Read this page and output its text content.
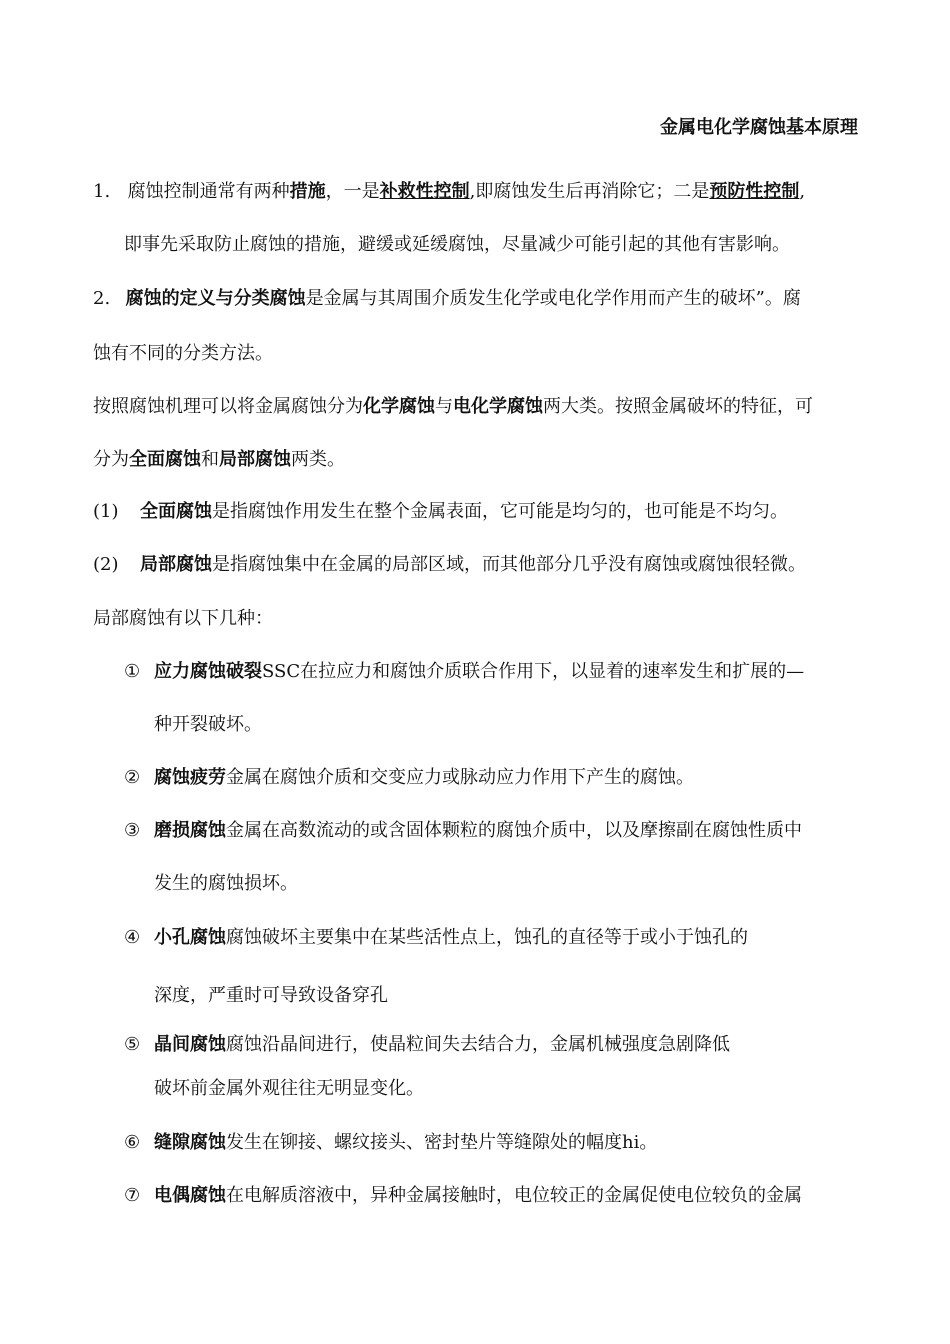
金属电化学腐蚀基本原理
1. 腐蚀控制通常有两种措施，一是补救性控制,即腐蚀发生后再消除它；二是预防性控制,
即事先采取防止腐蚀的措施，避缓或延缓腐蚀，尽量减少可能引起的其他有害影响。
2. 腐蚀的定义与分类腐蚀是金属与其周围介质发生化学或电化学作用而产生的破坏”。腐
蚀有不同的分类方法。
按照腐蚀机理可以将金属腐蚀分为化学腐蚀与电化学腐蚀两大类。按照金属破坏的特征，可
分为全面腐蚀和局部腐蚀两类。
(1) 全面腐蚀是指腐蚀作用发生在整个金属表面，它可能是均匀的，也可能是不均匀。
(2) 局部腐蚀是指腐蚀集中在金属的局部区域，而其他部分几乎没有腐蚀或腐蚀很轻微。
局部腐蚀有以下几种：
① 应力腐蚀破裂SSC在拉应力和腐蚀介质联合作用下，以显着的速率发生和扩展的—
种开裂破坏。
② 腐蚀疲劳金属在腐蚀介质和交变应力或脉动应力作用下产生的腐蚀。
③ 磨损腐蚀金属在高数流动的或含固体颗粒的腐蚀介质中，以及摩擦副在腐蚀性质中
发生的腐蚀损坏。
④ 小孔腐蚀腐蚀破坏主要集中在某些活性点上，蚀孔的直径等于或小于蚀孔的
深度，严重时可导致设备穿孔
⑤ 晶间腐蚀腐蚀沿晶间进行，使晶粒间失去结合力，金属机械强度急剧降低
破坏前金属外观往往无明显变化。
⑥ 缝隙腐蚀发生在铆接、螺纹接头、密封垫片等缝隙处的幅度hi。
⑦ 电偶腐蚀在电解质溶液中，异种金属接触时，电位较正的金属促使电位较负的金属
